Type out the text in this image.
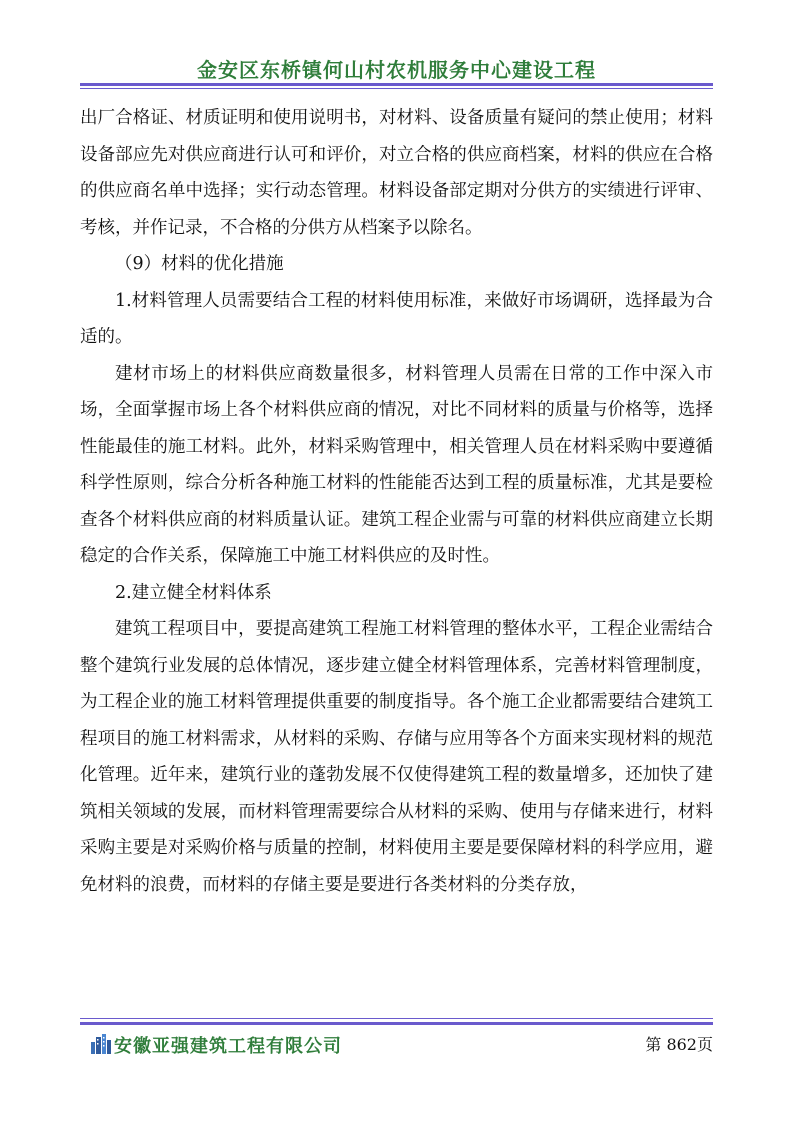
金安区东桥镇何山村农机服务中心建设工程

出厂合格证、材质证明和使用说明书，对材料、设备质量有疑问的禁止使用；材料设备部应先对供应商进行认可和评价，对立合格的供应商档案，材料的供应在合格的供应商名单中选择；实行动态管理。材料设备部定期对分供方的实绩进行评审、考核，并作记录，不合格的分供方从档案予以除名。

（9）材料的优化措施

1.材料管理人员需要结合工程的材料使用标准，来做好市场调研，选择最为合适的。

建材市场上的材料供应商数量很多，材料管理人员需在日常的工作中深入市场，全面掌握市场上各个材料供应商的情况，对比不同材料的质量与价格等，选择性能最佳的施工材料。此外，材料采购管理中，相关管理人员在材料采购中要遵循科学性原则，综合分析各种施工材料的性能能否达到工程的质量标准，尤其是要检查各个材料供应商的材料质量认证。建筑工程企业需与可靠的材料供应商建立长期稳定的合作关系，保障施工中施工材料供应的及时性。

2.建立健全材料体系

建筑工程项目中，要提高建筑工程施工材料管理的整体水平，工程企业需结合整个建筑行业发展的总体情况，逐步建立健全材料管理体系，完善材料管理制度，为工程企业的施工材料管理提供重要的制度指导。各个施工企业都需要结合建筑工程项目的施工材料需求，从材料的采购、存储与应用等各个方面来实现材料的规范化管理。近年来，建筑行业的蓬勃发展不仅使得建筑工程的数量增多，还加快了建筑相关领域的发展，而材料管理需要综合从材料的采购、使用与存储来进行，材料采购主要是对采购价格与质量的控制，材料使用主要是要保障材料的科学应用，避免材料的浪费，而材料的存储主要是要进行各类材料的分类存放，

安徽亚强建筑工程有限公司	第 862页
